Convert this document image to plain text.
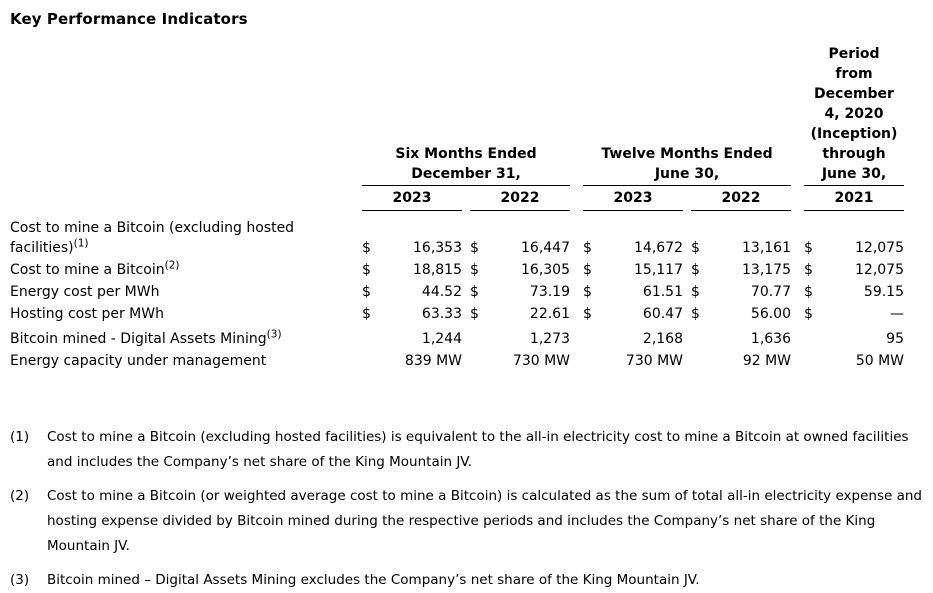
Key Performance Indicators
Six Months Ended
December 31,
Twelve Months Ended
June 30,
Period
from
December
4, 2020
(Inception)
through
June 30,
2023	2022	2023	2022	2021
Cost to mine a Bitcoin (excluding hosted facilities)$^{(1)}$	$	16,353 $	16,447 $	14,672 $	13,161 $	12,075
Cost to mine a Bitcoin$^{(2)}$	$	18,815 $	16,305 $	15,117 $	13,175 $	12,075
Energy cost per MWh	$	44.52 $	73.19 $	61.51 $	70.77 $	59.15
Hosting cost per MWh	$	63.33 $	22.61 $	60.47 $	56.00 $	—
Bitcoin mined - Digital Assets Mining$^{(3)}$	1,244	1,273	2,168	1,636	95
Energy capacity under management	839 MW	730 MW	730 MW	92 MW	50 MW
(1)	Cost to mine a Bitcoin (excluding hosted facilities) is equivalent to the all-in electricity cost to mine a Bitcoin at owned facilities and includes the Company’s net share of the King Mountain JV.
(2)	Cost to mine a Bitcoin (or weighted average cost to mine a Bitcoin) is calculated as the sum of total all-in electricity expense and hosting expense divided by Bitcoin mined during the respective periods and includes the Company’s net share of the King Mountain JV.
(3)	Bitcoin mined – Digital Assets Mining excludes the Company’s net share of the King Mountain JV.
